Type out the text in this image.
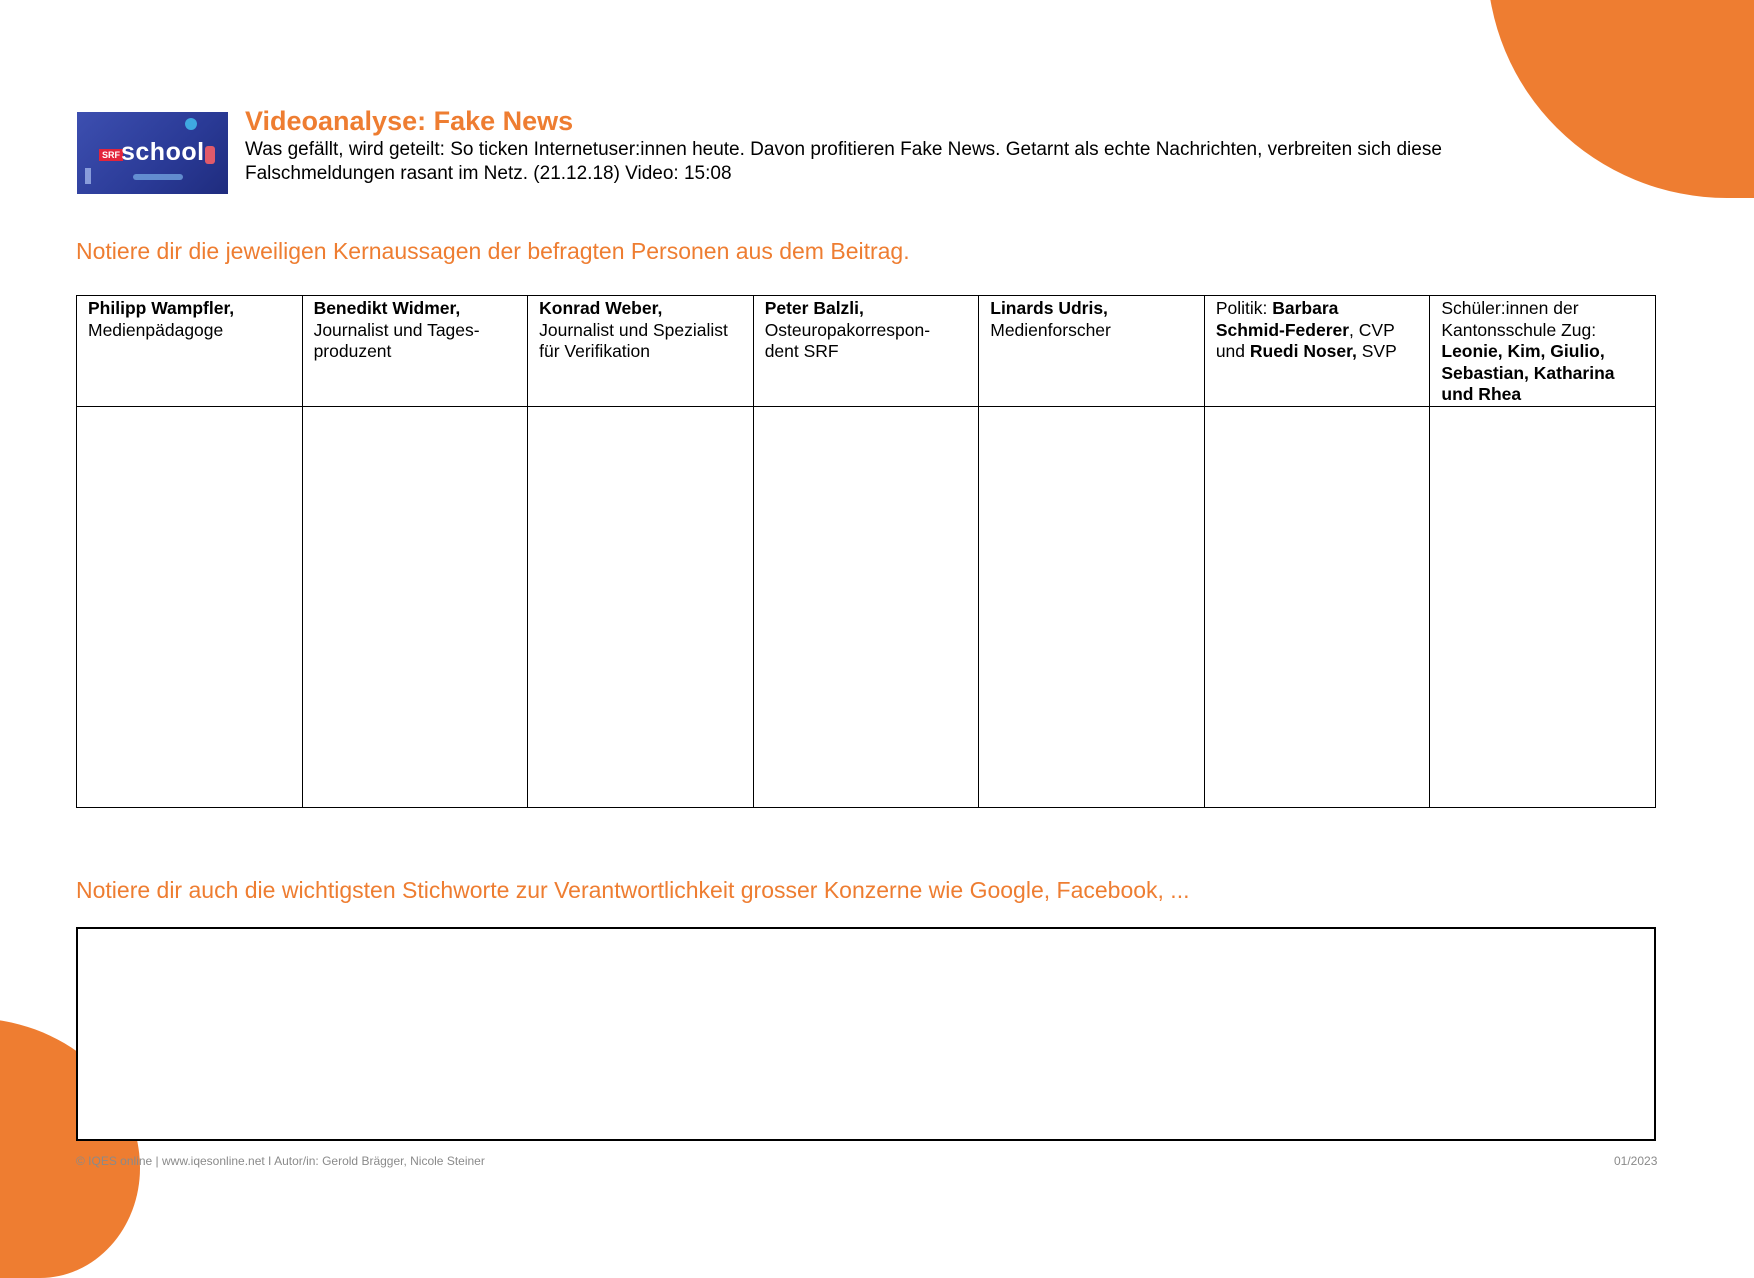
SRF school
Videoanalyse: Fake News

Was gefällt, wird geteilt: So ticken Internetuser:innen heute. Davon profitieren Fake News. Getarnt als echte Nachrichten, verbreiten sich diese Falschmeldungen rasant im Netz. (21.12.18) Video: 15:08

Notiere dir die jeweiligen Kernaussagen der befragten Personen aus dem Beitrag.

Philipp Wampfler,
Medienpädagoge	Benedikt Widmer,
Journalist und Tages-
produzent	Konrad Weber,
Journalist und Spezialist
für Verifikation	Peter Balzli,
Osteuropakorrespon-
dent SRF	Linards Udris,
Medienforscher	Politik: Barbara
Schmid-Federer, CVP
und Ruedi Noser, SVP	Schüler:innen der
Kantonsschule Zug:
Leonie, Kim, Giulio,
Sebastian, Katharina
und Rhea

Notiere dir auch die wichtigsten Stichworte zur Verantwortlichkeit grosser Konzerne wie Google, Facebook, ...

© IQES online | www.iqesonline.net I Autor/in: Gerold Brägger, Nicole Steiner	01/2023
